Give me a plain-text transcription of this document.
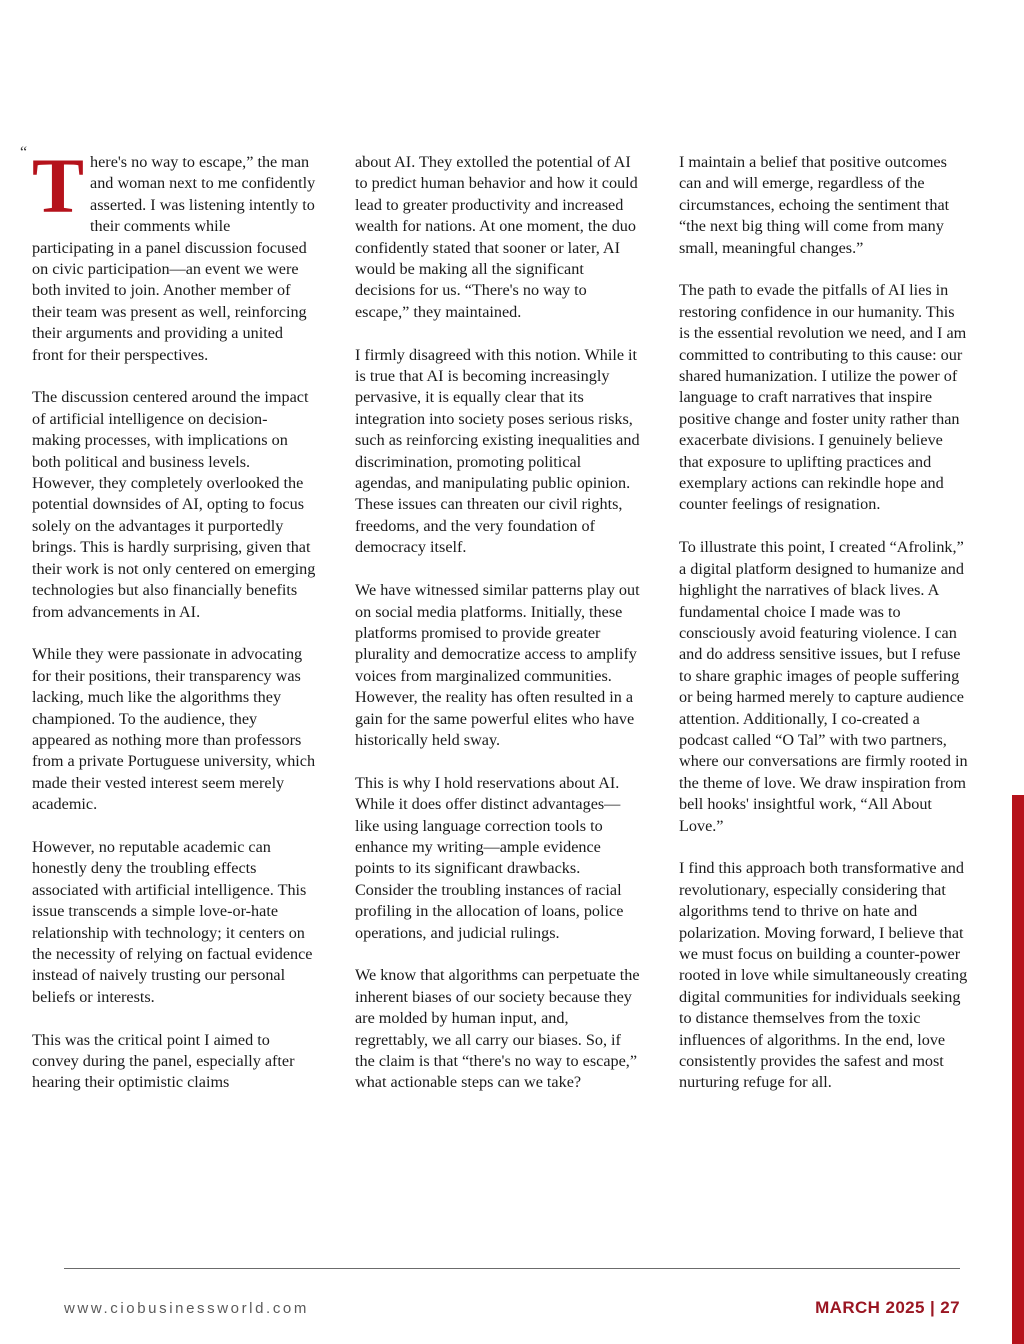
“ There's no way to escape,” the man and woman next to me confidently asserted. I was listening intently to their comments while participating in a panel discussion focused on civic participation—an event we were both invited to join. Another member of their team was present as well, reinforcing their arguments and providing a united front for their perspectives.

The discussion centered around the impact of artificial intelligence on decision-making processes, with implications on both political and business levels. However, they completely overlooked the potential downsides of AI, opting to focus solely on the advantages it purportedly brings. This is hardly surprising, given that their work is not only centered on emerging technologies but also financially benefits from advancements in AI.

While they were passionate in advocating for their positions, their transparency was lacking, much like the algorithms they championed. To the audience, they appeared as nothing more than professors from a private Portuguese university, which made their vested interest seem merely academic.

However, no reputable academic can honestly deny the troubling effects associated with artificial intelligence. This issue transcends a simple love-or-hate relationship with technology; it centers on the necessity of relying on factual evidence instead of naively trusting our personal beliefs or interests.

This was the critical point I aimed to convey during the panel, especially after hearing their optimistic claims

about AI. They extolled the potential of AI to predict human behavior and how it could lead to greater productivity and increased wealth for nations. At one moment, the duo confidently stated that sooner or later, AI would be making all the significant decisions for us. “There's no way to escape,” they maintained.

I firmly disagreed with this notion. While it is true that AI is becoming increasingly pervasive, it is equally clear that its integration into society poses serious risks, such as reinforcing existing inequalities and discrimination, promoting political agendas, and manipulating public opinion. These issues can threaten our civil rights, freedoms, and the very foundation of democracy itself.

We have witnessed similar patterns play out on social media platforms. Initially, these platforms promised to provide greater plurality and democratize access to amplify voices from marginalized communities. However, the reality has often resulted in a gain for the same powerful elites who have historically held sway.

This is why I hold reservations about AI. While it does offer distinct advantages—like using language correction tools to enhance my writing—ample evidence points to its significant drawbacks. Consider the troubling instances of racial profiling in the allocation of loans, police operations, and judicial rulings.

We know that algorithms can perpetuate the inherent biases of our society because they are molded by human input, and, regrettably, we all carry our biases. So, if the claim is that “there's no way to escape,” what actionable steps can we take?

I maintain a belief that positive outcomes can and will emerge, regardless of the circumstances, echoing the sentiment that “the next big thing will come from many small, meaningful changes.”

The path to evade the pitfalls of AI lies in restoring confidence in our humanity. This is the essential revolution we need, and I am committed to contributing to this cause: our shared humanization. I utilize the power of language to craft narratives that inspire positive change and foster unity rather than exacerbate divisions. I genuinely believe that exposure to uplifting practices and exemplary actions can rekindle hope and counter feelings of resignation.

To illustrate this point, I created “Afrolink,” a digital platform designed to humanize and highlight the narratives of black lives. A fundamental choice I made was to consciously avoid featuring violence. I can and do address sensitive issues, but I refuse to share graphic images of people suffering or being harmed merely to capture audience attention. Additionally, I co-created a podcast called “O Tal” with two partners, where our conversations are firmly rooted in the theme of love. We draw inspiration from bell hooks' insightful work, “All About Love.”

I find this approach both transformative and revolutionary, especially considering that algorithms tend to thrive on hate and polarization. Moving forward, I believe that we must focus on building a counter-power rooted in love while simultaneously creating digital communities for individuals seeking to distance themselves from the toxic influences of algorithms. In the end, love consistently provides the safest and most nurturing refuge for all.

www.ciobusinessworld.com	MARCH 2025 | 27
